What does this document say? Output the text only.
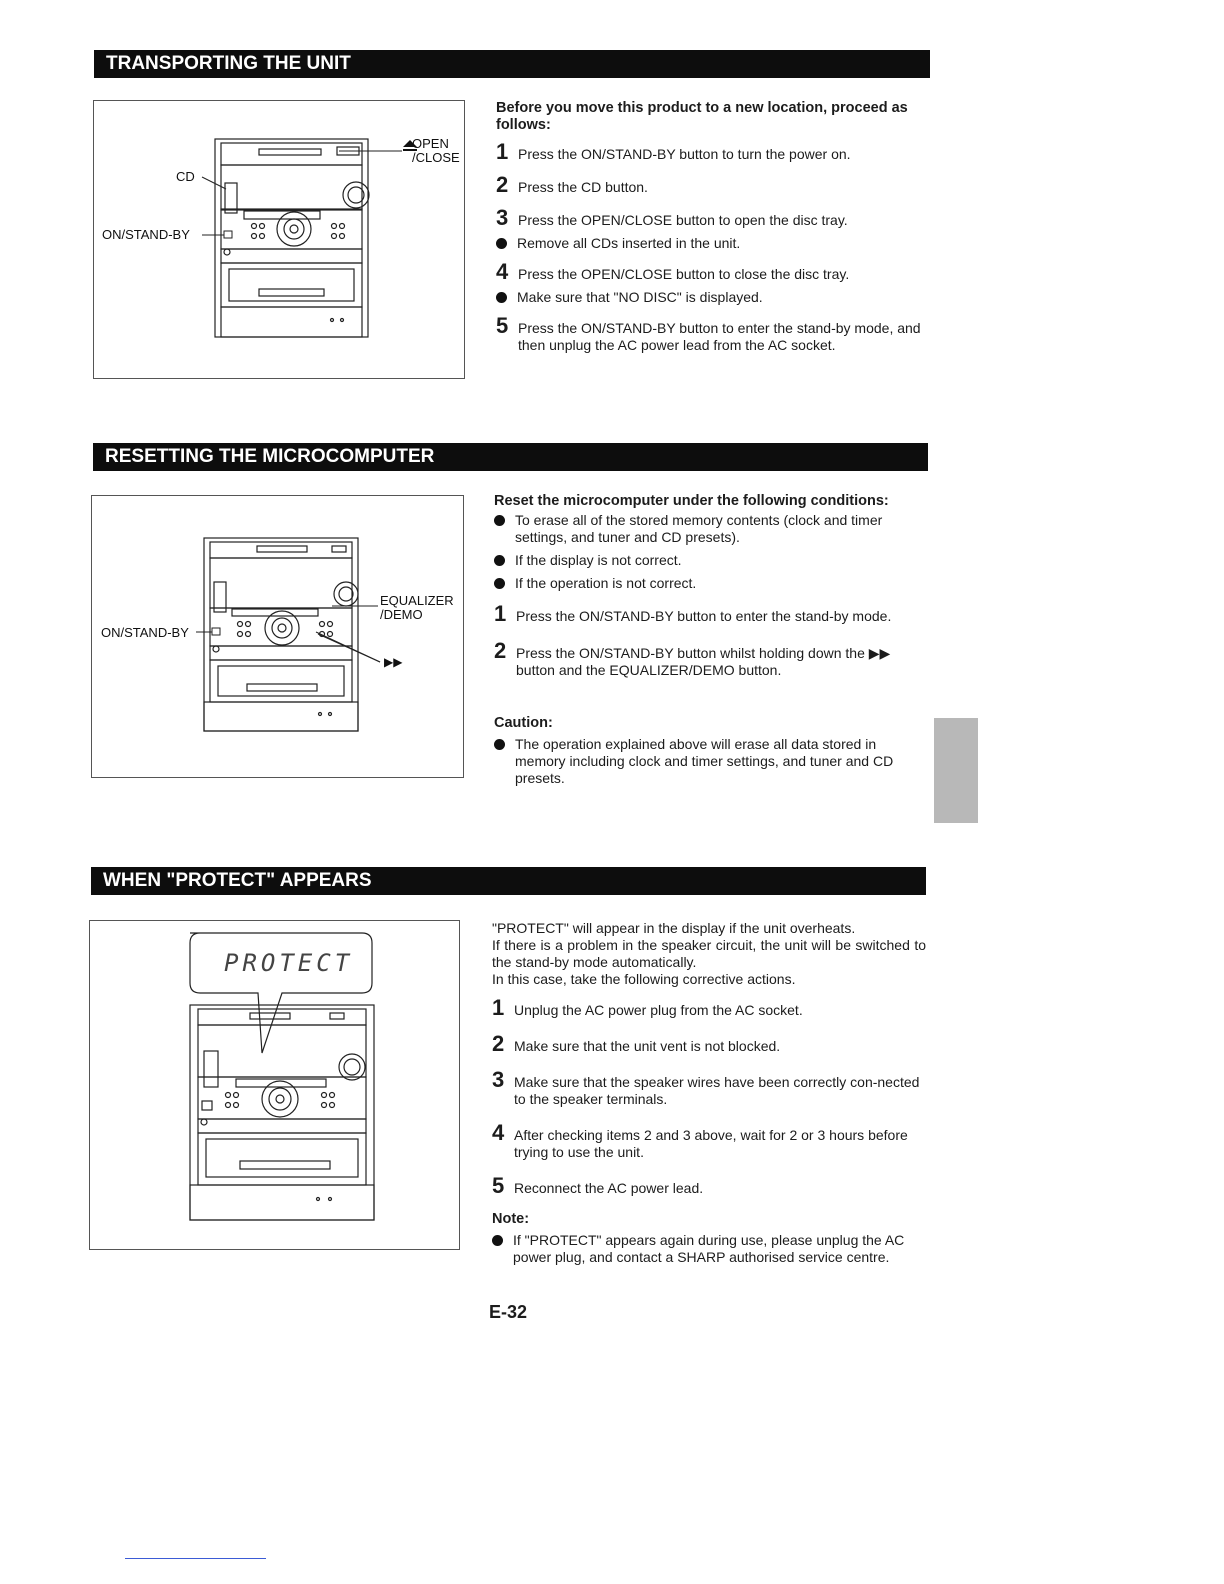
TRANSPORTING THE UNIT
CD
OPEN
/CLOSE
ON/STAND-BY
Before you move this product to a new location, proceed as follows:
1 Press the ON/STAND-BY button to turn the power on.
2 Press the CD button.
3 Press the OPEN/CLOSE button to open the disc tray.
Remove all CDs inserted in the unit.
4 Press the OPEN/CLOSE button to close the disc tray.
Make sure that "NO DISC" is displayed.
5 Press the ON/STAND-BY button to enter the stand-by mode, and then unplug the AC power lead from the AC socket.
RESETTING THE MICROCOMPUTER
EQUALIZER
/DEMO
ON/STAND-BY
▶▶
Reset the microcomputer under the following conditions:
To erase all of the stored memory contents (clock and timer settings, and tuner and CD presets).
If the display is not correct.
If the operation is not correct.
1 Press the ON/STAND-BY button to enter the stand-by mode.
2 Press the ON/STAND-BY button whilst holding down the ▶▶ button and the EQUALIZER/DEMO button.
Caution:
The operation explained above will erase all data stored in memory including clock and timer settings, and tuner and CD presets.
WHEN "PROTECT" APPEARS
PROTECT
"PROTECT" will appear in the display if the unit overheats.
If there is a problem in the speaker circuit, the unit will be switched to the stand-by mode automatically.
In this case, take the following corrective actions.
1 Unplug the AC power plug from the AC socket.
2 Make sure that the unit vent is not blocked.
3 Make sure that the speaker wires have been correctly con-nected to the speaker terminals.
4 After checking items 2 and 3 above, wait for 2 or 3 hours before trying to use the unit.
5 Reconnect the AC power lead.
Note:
If "PROTECT" appears again during use, please unplug the AC power plug, and contact a SHARP authorised service centre.
E-32
